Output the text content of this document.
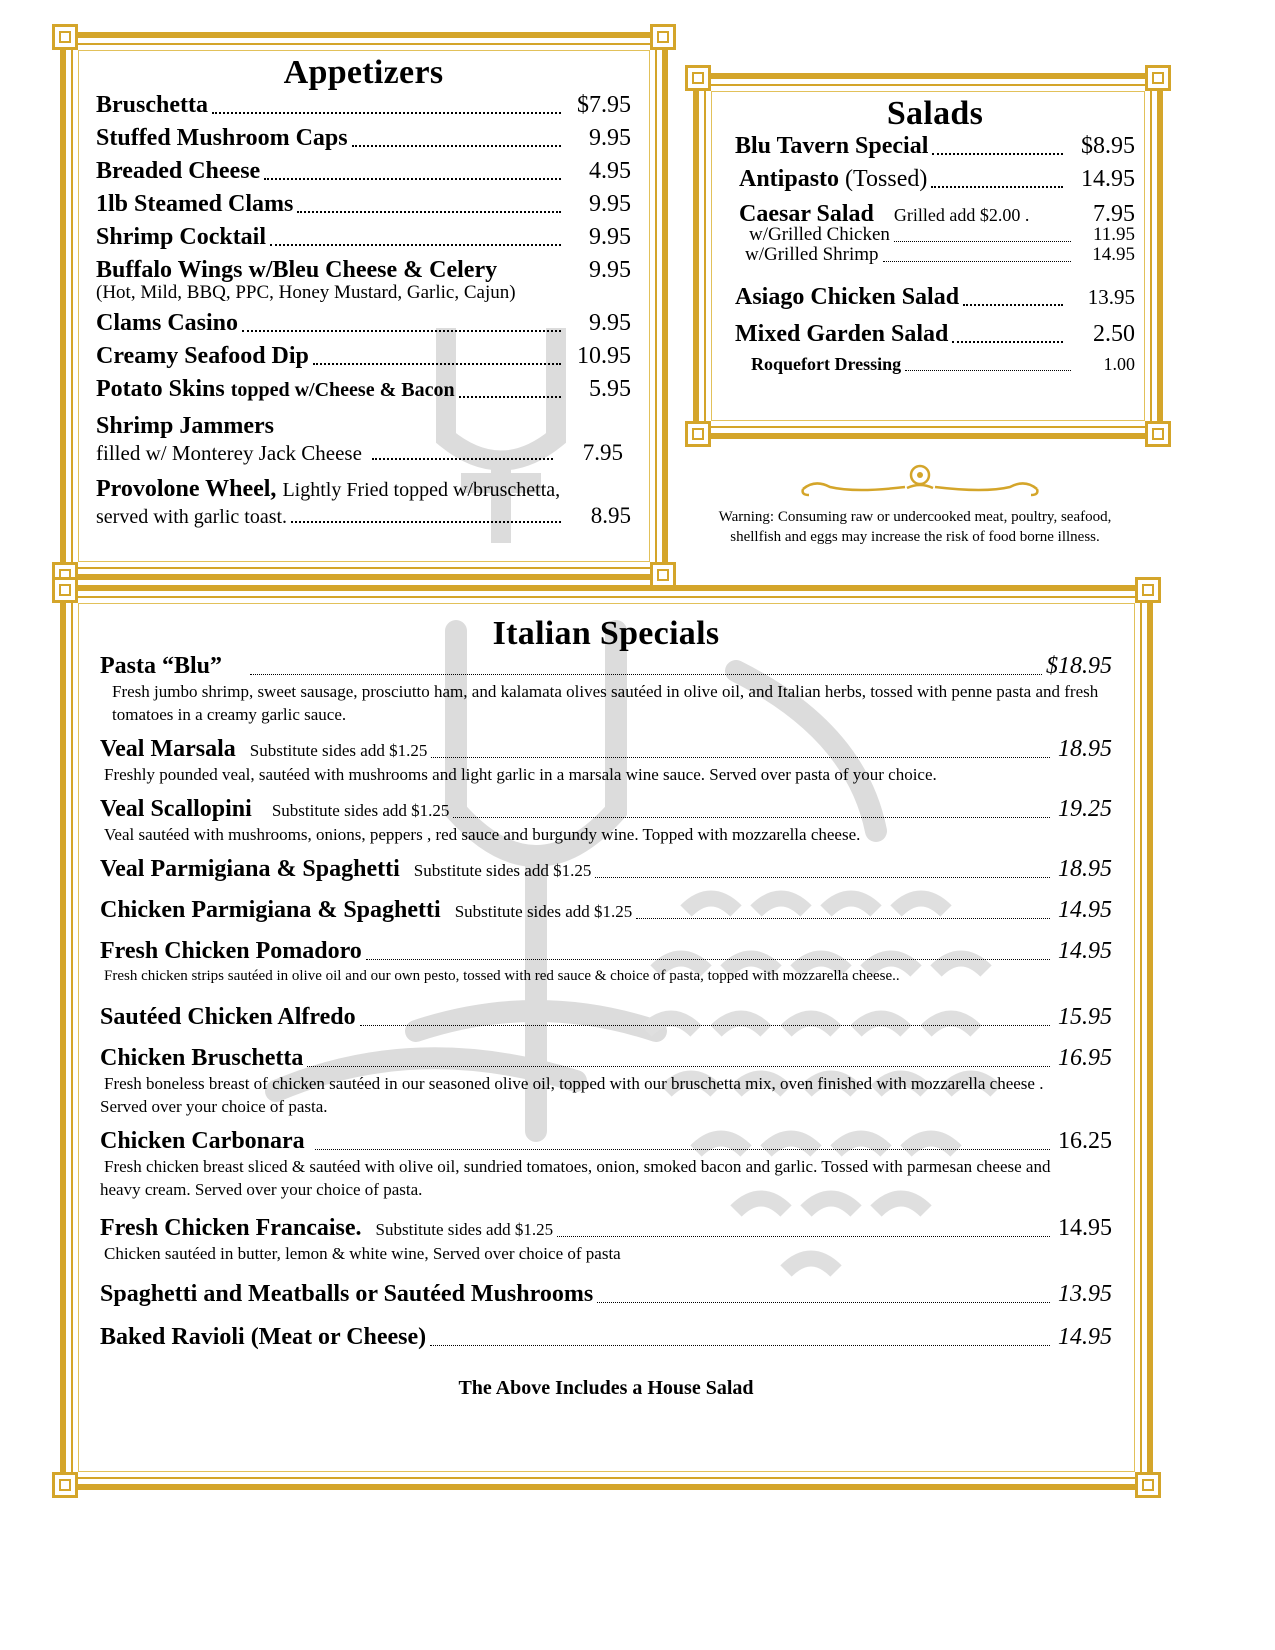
Appetizers
Bruschetta	$7.95
Stuffed Mushroom Caps	9.95
Breaded Cheese	4.95
1lb Steamed Clams	9.95
Shrimp Cocktail	9.95
Buffalo Wings w/Bleu Cheese & Celery	9.95
(Hot, Mild, BBQ, PPC, Honey Mustard, Garlic, Cajun)
Clams Casino	9.95
Creamy Seafood Dip	10.95
Potato Skins topped w/Cheese & Bacon	5.95
Shrimp Jammers
filled w/ Monterey Jack Cheese	7.95
Provolone Wheel, Lightly Fried topped w/bruschetta,
served with garlic toast.	8.95
Salads
Blu Tavern Special	$8.95
Antipasto (Tossed)	14.95
Caesar Salad Grilled add $2.00 .	7.95
w/Grilled Chicken	11.95
w/Grilled Shrimp	14.95
Asiago Chicken Salad	13.95
Mixed Garden Salad	2.50
Roquefort Dressing	1.00
Warning: Consuming raw or undercooked meat, poultry, seafood, shellfish and eggs may increase the risk of food borne illness.
Italian Specials
Pasta “Blu”	$18.95
Fresh jumbo shrimp, sweet sausage, prosciutto ham, and kalamata olives sautéed in olive oil, and Italian herbs, tossed with penne pasta and fresh tomatoes in a creamy garlic sauce.
Veal Marsala Substitute sides add $1.25	18.95
Freshly pounded veal, sautéed with mushrooms and light garlic in a marsala wine sauce. Served over pasta of your choice.
Veal Scallopini Substitute sides add $1.25	19.25
Veal sautéed with mushrooms, onions, peppers , red sauce and burgundy wine. Topped with mozzarella cheese.
Veal Parmigiana & Spaghetti Substitute sides add $1.25	18.95
Chicken Parmigiana & Spaghetti Substitute sides add $1.25	14.95
Fresh Chicken Pomadoro	14.95
Fresh chicken strips sautéed in olive oil and our own pesto, tossed with red sauce & choice of pasta, topped with mozzarella cheese..
Sautéed Chicken Alfredo	15.95
Chicken Bruschetta	16.95
Fresh boneless breast of chicken sautéed in our seasoned olive oil, topped with our bruschetta mix, oven finished with mozzarella cheese . Served over your choice of pasta.
Chicken Carbonara	16.25
Fresh chicken breast sliced & sautéed with olive oil, sundried tomatoes, onion, smoked bacon and garlic. Tossed with parmesan cheese and heavy cream. Served over your choice of pasta.
Fresh Chicken Francaise. Substitute sides add $1.25	14.95
Chicken sautéed in butter, lemon & white wine, Served over choice of pasta
Spaghetti and Meatballs or Sautéed Mushrooms	13.95
Baked Ravioli (Meat or Cheese)	14.95
The Above Includes a House Salad
